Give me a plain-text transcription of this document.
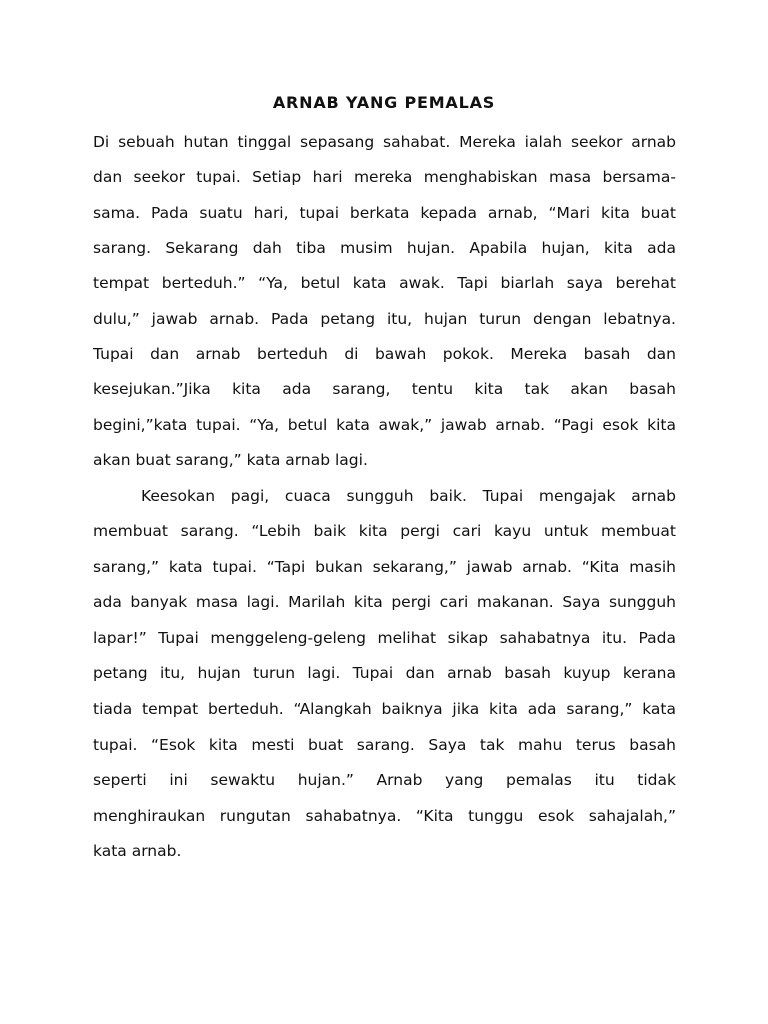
ARNAB YANG PEMALAS
Di sebuah hutan tinggal sepasang sahabat. Mereka ialah seekor arnab
dan seekor tupai. Setiap hari mereka menghabiskan masa bersama-
sama. Pada suatu hari, tupai berkata kepada arnab, “Mari kita buat
sarang. Sekarang dah tiba musim hujan. Apabila hujan, kita ada
tempat berteduh.” “Ya, betul kata awak. Tapi biarlah saya berehat
dulu,” jawab arnab. Pada petang itu, hujan turun dengan lebatnya.
Tupai dan arnab berteduh di bawah pokok. Mereka basah dan
kesejukan.”Jika kita ada sarang, tentu kita tak akan basah
begini,”kata tupai. “Ya, betul kata awak,” jawab arnab. “Pagi esok kita
akan buat sarang,” kata arnab lagi.
Keesokan pagi, cuaca sungguh baik. Tupai mengajak arnab
membuat sarang. “Lebih baik kita pergi cari kayu untuk membuat
sarang,” kata tupai. “Tapi bukan sekarang,” jawab arnab. “Kita masih
ada banyak masa lagi. Marilah kita pergi cari makanan. Saya sungguh
lapar!” Tupai menggeleng-geleng melihat sikap sahabatnya itu. Pada
petang itu, hujan turun lagi. Tupai dan arnab basah kuyup kerana
tiada tempat berteduh. “Alangkah baiknya jika kita ada sarang,” kata
tupai. “Esok kita mesti buat sarang. Saya tak mahu terus basah
seperti ini sewaktu hujan.” Arnab yang pemalas itu tidak
menghiraukan rungutan sahabatnya. “Kita tunggu esok sahajalah,”
kata arnab.
